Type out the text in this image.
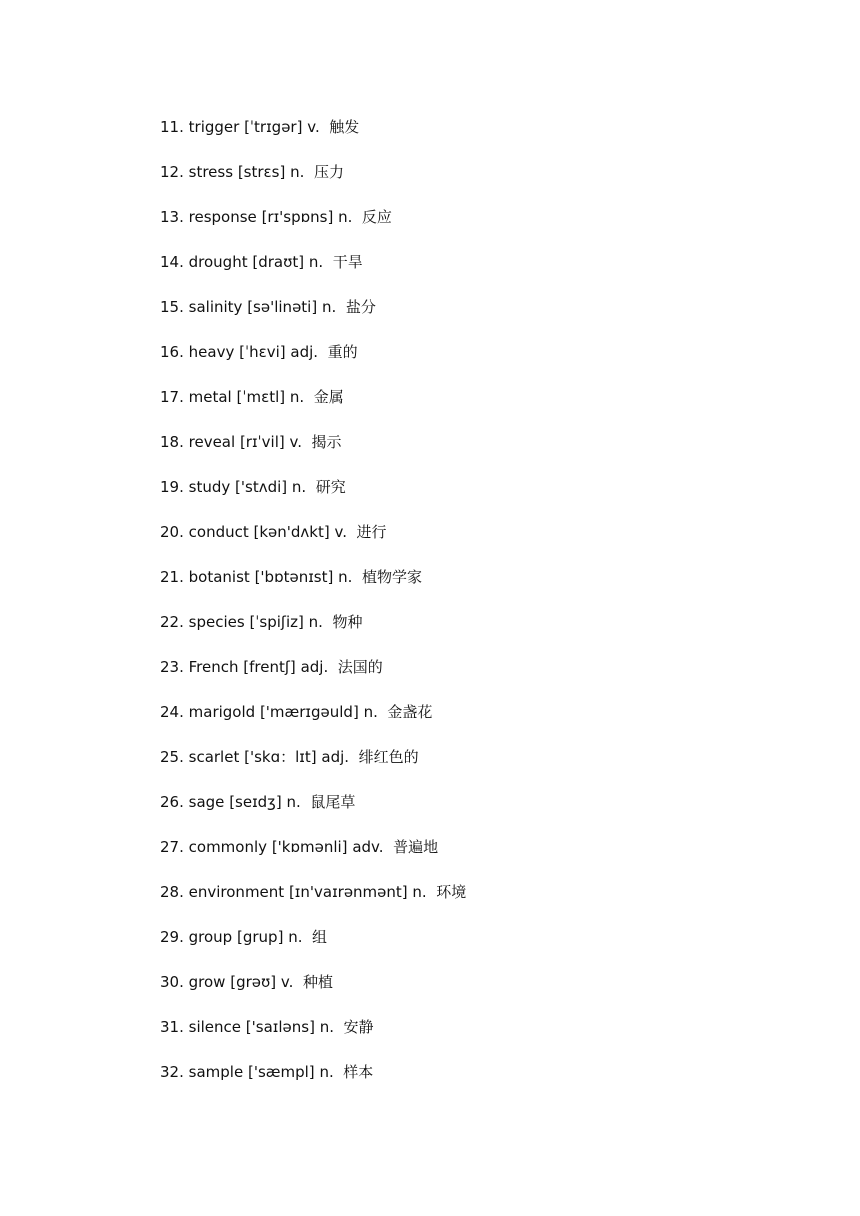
11. trigger [ˈtrɪgər] v. 触发
12. stress [strɛs] n. 压力
13. response [rɪ'spɒns] n. 反应
14. drought [draʊt] n. 干旱
15. salinity [sə'linəti] n. 盐分
16. heavy [ˈhɛvi] adj. 重的
17. metal [ˈmɛtl] n. 金属
18. reveal [rɪˈvil] v. 揭示
19. study ['stʌdi] n. 研究
20. conduct [kən'dʌkt] v. 进行
21. botanist ['bɒtənɪst] n. 植物学家
22. species [ˈspiʃiz] n. 物种
23. French [frentʃ] adj. 法国的
24. marigold ['mærɪgəuld] n. 金盏花
25. scarlet ['skɑ：lɪt] adj. 绯红色的
26. sage [seɪdʒ] n. 鼠尾草
27. commonly ['kɒmənli] adv. 普遍地
28. environment [ɪn'vaɪrənmənt] n. 环境
29. group [grup] n. 组
30. grow [grəʊ] v. 种植
31. silence ['saɪləns] n. 安静
32. sample ['sæmpl] n. 样本
